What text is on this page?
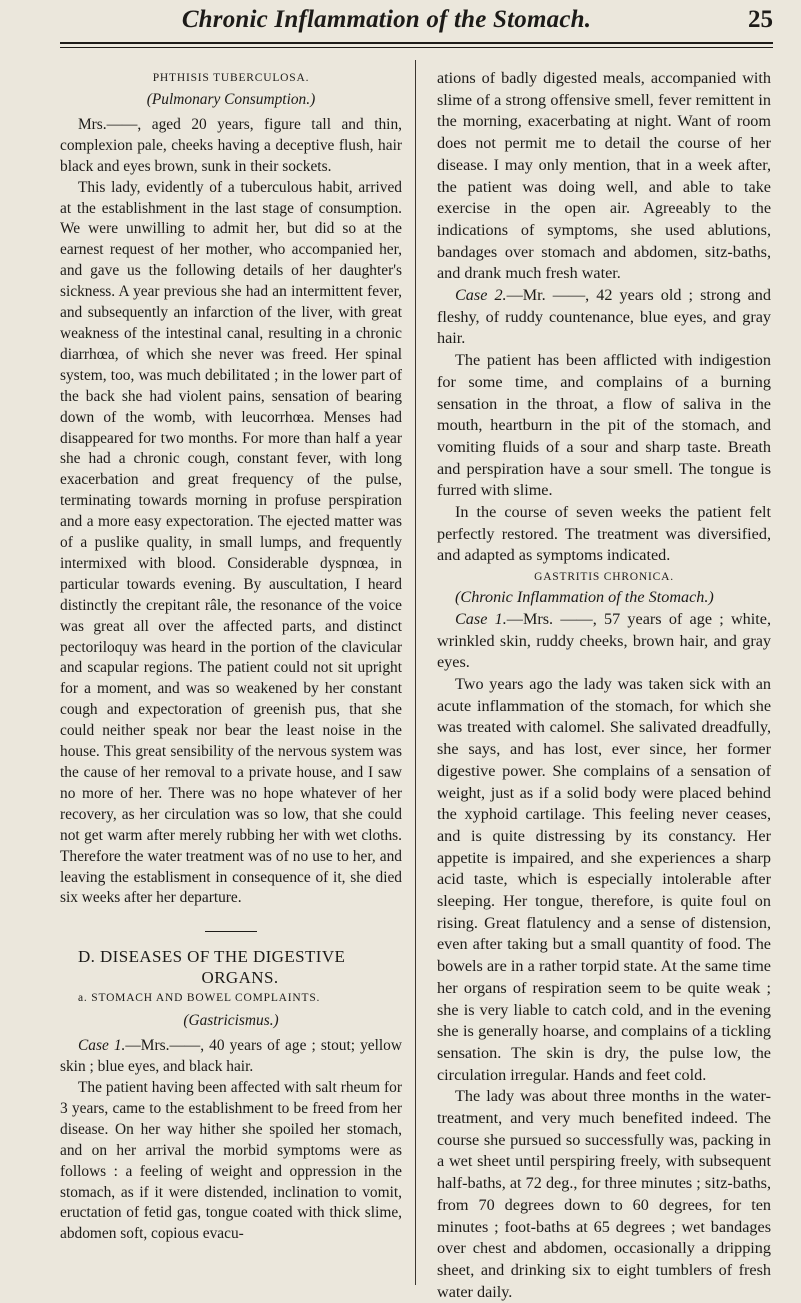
Chronic Inflammation of the Stomach.	25
PHTHISIS TUBERCULOSA.
(Pulmonary Consumption.)

Mrs.——, aged 20 years, figure tall and thin, complexion pale, cheeks having a deceptive flush, hair black and eyes brown, sunk in their sockets.

This lady, evidently of a tuberculous habit, arrived at the establishment in the last stage of consumption. We were unwilling to admit her, but did so at the earnest request of her mother, who accompanied her, and gave us the following details of her daughter's sickness. A year previous she had an intermittent fever, and subsequently an infarction of the liver, with great weakness of the intestinal canal, resulting in a chronic diarrhœa, of which she never was freed. Her spinal system, too, was much debilitated ; in the lower part of the back she had violent pains, sensation of bearing down of the womb, with leucorrhœa. Menses had disappeared for two months. For more than half a year she had a chronic cough, constant fever, with long exacerbation and great frequency of the pulse, terminating towards morning in profuse perspiration and a more easy expectoration. The ejected matter was of a puslike quality, in small lumps, and frequently intermixed with blood. Considerable dyspnœa, in particular towards evening. By auscultation, I heard distinctly the crepitant râle, the resonance of the voice was great all over the affected parts, and distinct pectoriloquy was heard in the portion of the clavicular and scapular regions. The patient could not sit upright for a moment, and was so weakened by her constant cough and expectoration of greenish pus, that she could neither speak nor bear the least noise in the house. This great sensibility of the nervous system was the cause of her removal to a private house, and I saw no more of her. There was no hope whatever of her recovery, as her circulation was so low, that she could not get warm after merely rubbing her with wet cloths. Therefore the water treatment was of no use to her, and leaving the establisment in consequence of it, she died six weeks after her departure.

D. DISEASES OF THE DIGESTIVE

ORGANS.

a. STOMACH AND BOWEL COMPLAINTS.

(Gastricismus.)

Case 1.—Mrs.——, 40 years of age ; stout; yellow skin ; blue eyes, and black hair.

The patient having been affected with salt rheum for 3 years, came to the establishment to be freed from her disease. On her way hither she spoiled her stomach, and on her arrival the morbid symptoms were as follows : a feeling of weight and oppression in the stomach, as if it were distended, inclination to vomit, eructation of fetid gas, tongue coated with thick slime, abdomen soft, copious evacu-

ations of badly digested meals, accompanied with slime of a strong offensive smell, fever remittent in the morning, exacerbating at night. Want of room does not permit me to detail the course of her disease. I may only mention, that in a week after, the patient was doing well, and able to take exercise in the open air. Agreeably to the indications of symptoms, she used ablutions, bandages over stomach and abdomen, sitz-baths, and drank much fresh water.

Case 2.—Mr. ——, 42 years old ; strong and fleshy, of ruddy countenance, blue eyes, and gray hair.

The patient has been afflicted with indigestion for some time, and complains of a burning sensation in the throat, a flow of saliva in the mouth, heartburn in the pit of the stomach, and vomiting fluids of a sour and sharp taste. Breath and perspiration have a sour smell. The tongue is furred with slime.

In the course of seven weeks the patient felt perfectly restored. The treatment was diversified, and adapted as symptoms indicated.

GASTRITIS CHRONICA.

(Chronic Inflammation of the Stomach.)

Case 1.—Mrs. ——, 57 years of age ; white, wrinkled skin, ruddy cheeks, brown hair, and gray eyes.

Two years ago the lady was taken sick with an acute inflammation of the stomach, for which she was treated with calomel. She salivated dreadfully, she says, and has lost, ever since, her former digestive power. She complains of a sensation of weight, just as if a solid body were placed behind the xyphoid cartilage. This feeling never ceases, and is quite distressing by its constancy. Her appetite is impaired, and she experiences a sharp acid taste, which is especially intolerable after sleeping. Her tongue, therefore, is quite foul on rising. Great flatulency and a sense of distension, even after taking but a small quantity of food. The bowels are in a rather torpid state. At the same time her organs of respiration seem to be quite weak ; she is very liable to catch cold, and in the evening she is generally hoarse, and complains of a tickling sensation. The skin is dry, the pulse low, the circulation irregular. Hands and feet cold.

The lady was about three months in the water-treatment, and very much benefited indeed. The course she pursued so successfully was, packing in a wet sheet until perspiring freely, with subsequent half-baths, at 72 deg., for three minutes ; sitz-baths, from 70 degrees down to 60 degrees, for ten minutes ; foot-baths at 65 degrees ; wet bandages over chest and abdomen, occasionally a dripping sheet, and drinking six to eight tumblers of fresh water daily.
